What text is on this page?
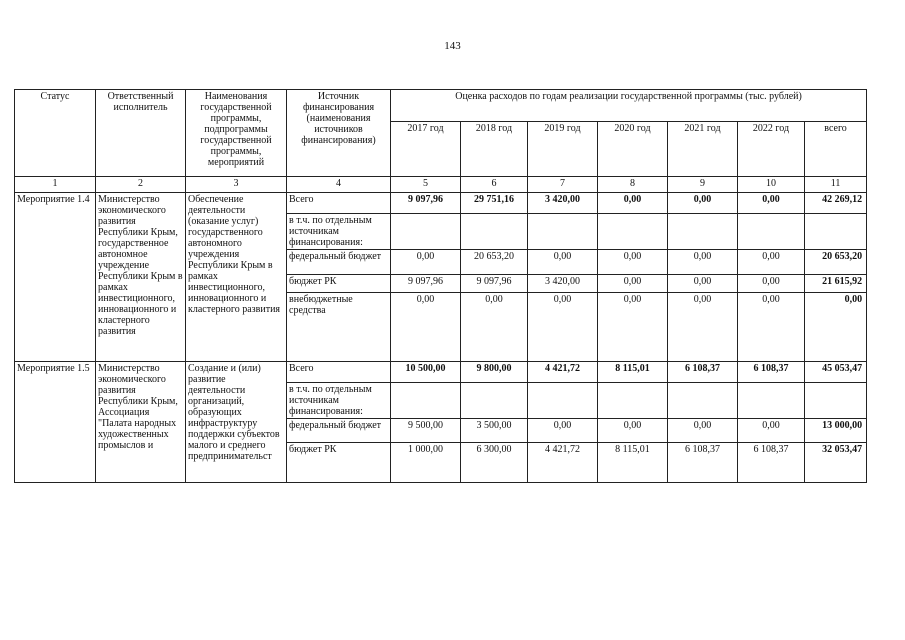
143
Статус	Ответственный исполнитель	Наименования государственной программы, подпрограммы государственной программы, мероприятий	Источник финансирования (наименования источников финансирования)	Оценка расходов по годам реализации государственной программы (тыс. рублей)						
				2017 год	2018 год	2019 год	2020 год	2021 год	2022 год	всего
1	2	3	4	5	6	7	8	9	10	11
Мероприятие 1.4	Министерство экономического развития Республики Крым, государственное автономное учреждение Республики Крым в рамках инвестиционного, инновационного и кластерного развития	Обеспечение деятельности (оказание услуг) государственного автономного учреждения Республики Крым в рамках инвестиционного, инновационного и кластерного развития	Всего	9 097,96	29 751,16	3 420,00	0,00	0,00	0,00	42 269,12
			в т.ч. по отдельным источникам финансирования:							
			федеральный бюджет	0,00	20 653,20	0,00	0,00	0,00	0,00	20 653,20
			бюджет РК	9 097,96	9 097,96	3 420,00	0,00	0,00	0,00	21 615,92
			внебюджетные средства	0,00	0,00	0,00	0,00	0,00	0,00	0,00
Мероприятие 1.5	Министерство экономического развития Республики Крым, Ассоциация "Палата народных художественных промыслов и	Создание и (или) развитие деятельности организаций, образующих инфраструктуру поддержки субъектов малого и среднего предпринимательст	Всего	10 500,00	9 800,00	4 421,72	8 115,01	6 108,37	6 108,37	45 053,47
			в т.ч. по отдельным источникам финансирования:							
			федеральный бюджет	9 500,00	3 500,00	0,00	0,00	0,00	0,00	13 000,00
			бюджет РК	1 000,00	6 300,00	4 421,72	8 115,01	6 108,37	6 108,37	32 053,47
